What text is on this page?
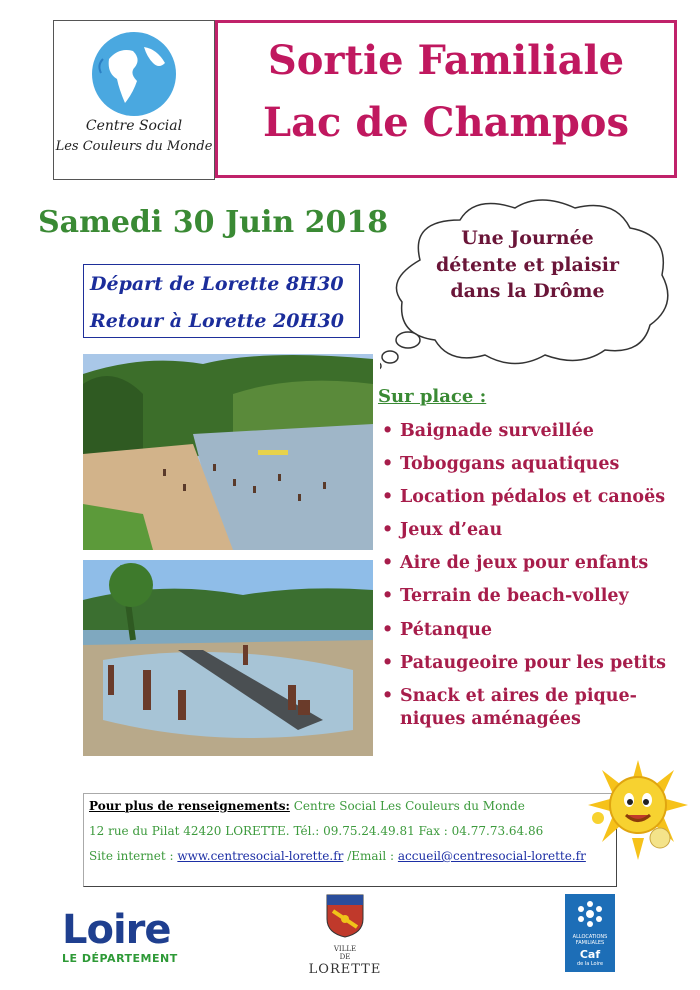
Centre Social
Les Couleurs du Monde
Sortie Familiale
Lac de Champos
Samedi 30 Juin 2018	Une Journée
détente et plaisir
dans la Drôme
Départ de Lorette 8H30
Retour à Lorette 20H30
Sur place :
• Baignade surveillée
• Toboggans aquatiques
• Location pédalos et canoës
• Jeux d’eau
• Aire de jeux pour enfants
• Terrain de beach-volley
• Pétanque
• Pataugeoire pour les petits
• Snack et aires de pique-niques aménagées
Pour plus de renseignements: Centre Social Les Couleurs du Monde
12 rue du Pilat 42420 LORETTE. Tél.: 09.75.24.49.81 Fax : 04.77.73.64.86
Site internet : www.centresocial-lorette.fr /Email : accueil@centresocial-lorette.fr
Loire
LE DÉPARTEMENT
VILLE
DE
LORETTE
ALLOCATIONS FAMILIALES
Caf
de la Loire
